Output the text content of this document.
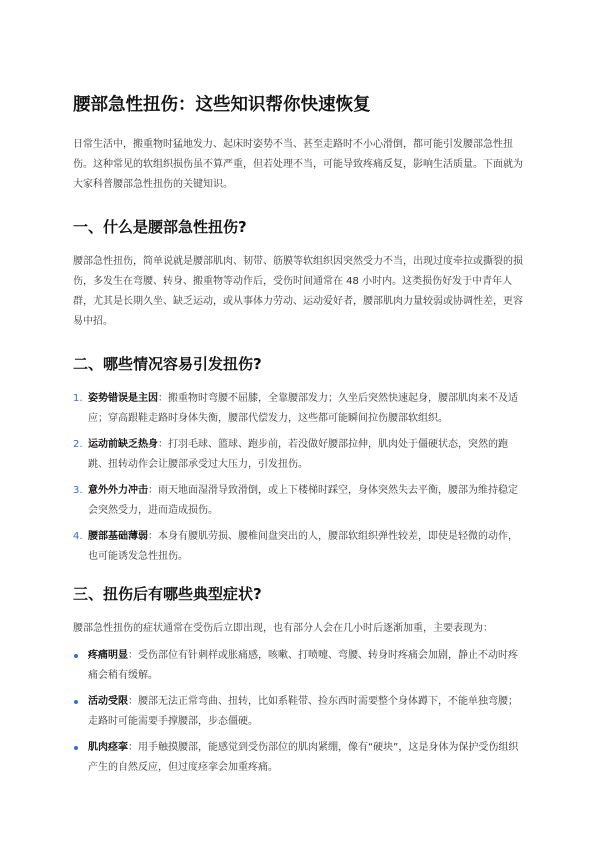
腰部急性扭伤：这些知识帮你快速恢复

日常生活中，搬重物时猛地发力、起床时姿势不当、甚至走路时不小心滑倒，都可能引发腰部急性扭伤。这种常见的软组织损伤虽不算严重，但若处理不当，可能导致疼痛反复，影响生活质量。下面就为大家科普腰部急性扭伤的关键知识。

一、什么是腰部急性扭伤?

腰部急性扭伤，简单说就是腰部肌肉、韧带、筋膜等软组织因突然受力不当，出现过度牵拉或撕裂的损伤，多发生在弯腰、转身、搬重物等动作后，受伤时间通常在 48 小时内。这类损伤好发于中青年人群，尤其是长期久坐、缺乏运动，或从事体力劳动、运动爱好者，腰部肌肉力量较弱或协调性差，更容易中招。

二、哪些情况容易引发扭伤?
1. 姿势错误是主因：搬重物时弯腰不屈膝，全靠腰部发力；久坐后突然快速起身，腰部肌肉来不及适应；穿高跟鞋走路时身体失衡，腰部代偿发力，这些都可能瞬间拉伤腰部软组织。
2. 运动前缺乏热身：打羽毛球、篮球、跑步前，若没做好腰部拉伸，肌肉处于僵硬状态，突然的跑跳、扭转动作会让腰部承受过大压力，引发扭伤。
3. 意外外力冲击：雨天地面湿滑导致滑倒，或上下楼梯时踩空，身体突然失去平衡，腰部为维持稳定会突然受力，进而造成损伤。
4. 腰部基础薄弱：本身有腰肌劳损、腰椎间盘突出的人，腰部软组织弹性较差，即使是轻微的动作，也可能诱发急性扭伤。
三、扭伤后有哪些典型症状?

腰部急性扭伤的症状通常在受伤后立即出现，也有部分人会在几小时后逐渐加重，主要表现为：

疼痛明显：受伤部位有针刺样或胀痛感，咳嗽、打喷嚏、弯腰、转身时疼痛会加剧，静止不动时疼痛会稍有缓解。
活动受限：腰部无法正常弯曲、扭转，比如系鞋带、捡东西时需要整个身体蹲下，不能单独弯腰；走路时可能需要手撑腰部，步态僵硬。
肌肉痉挛：用手触摸腰部，能感觉到受伤部位的肌肉紧绷，像有“硬块”，这是身体为保护受伤组织产生的自然反应，但过度痉挛会加重疼痛。
